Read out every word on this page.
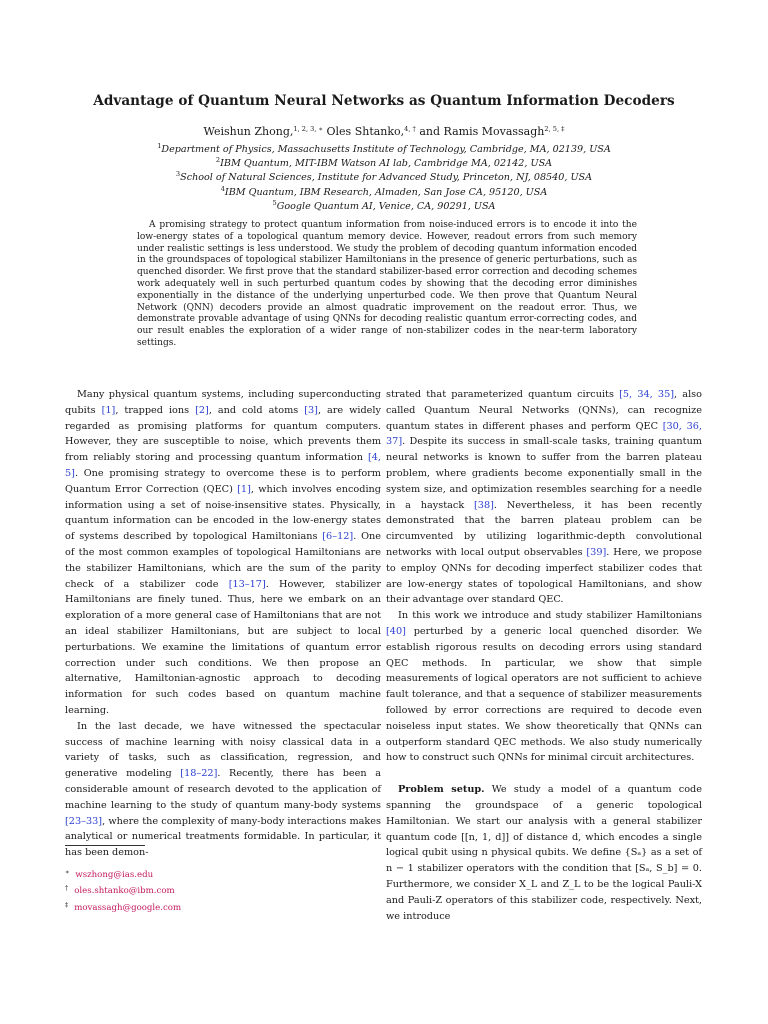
Advantage of Quantum Neural Networks as Quantum Information Decoders
Weishun Zhong,$^{1, 2, 3, ∗}$ Oles Shtanko,$^{4, \dagger}$ and Ramis Movassagh$^{2, 5, \ddagger}$
$^1$Department of Physics, Massachusetts Institute of Technology, Cambridge, MA, 02139, USA
$^2$IBM Quantum, MIT-IBM Watson AI lab, Cambridge MA, 02142, USA
$^3$School of Natural Sciences, Institute for Advanced Study, Princeton, NJ, 08540, USA
$^4$IBM Quantum, IBM Research, Almaden, San Jose CA, 95120, USA
$^5$Google Quantum AI, Venice, CA, 90291, USA
A promising strategy to protect quantum information from noise-induced errors is to encode it into the low-energy states of a topological quantum memory device. However, readout errors from such memory under realistic settings is less understood. We study the problem of decoding quantum information encoded in the groundspaces of topological stabilizer Hamiltonians in the presence of generic perturbations, such as quenched disorder. We first prove that the standard stabilizer-based error correction and decoding schemes work adequately well in such perturbed quantum codes by showing that the decoding error diminishes exponentially in the distance of the underlying unperturbed code. We then prove that Quantum Neural Network (QNN) decoders provide an almost quadratic improvement on the readout error. Thus, we demonstrate provable advantage of using QNNs for decoding realistic quantum error-correcting codes, and our result enables the exploration of a wider range of non-stabilizer codes in the near-term laboratory settings.

Many physical quantum systems, including superconducting qubits [1], trapped ions [2], and cold atoms [3], are widely regarded as promising platforms for quantum computers. However, they are susceptible to noise, which prevents them from reliably storing and processing quantum information [4, 5]. One promising strategy to overcome these is to perform Quantum Error Correction (QEC) [1], which involves encoding information using a set of noise-insensitive states. Physically, quantum information can be encoded in the low-energy states of systems described by topological Hamiltonians [6–12]. One of the most common examples of topological Hamiltonians are the stabilizer Hamiltonians, which are the sum of the parity check of a stabilizer code [13–17]. However, stabilizer Hamiltonians are finely tuned. Thus, here we embark on an exploration of a more general case of Hamiltonians that are not an ideal stabilizer Hamiltonians, but are subject to local perturbations. We examine the limitations of quantum error correction under such conditions. We then propose an alternative, Hamiltonian-agnostic approach to decoding information for such codes based on quantum machine learning.

In the last decade, we have witnessed the spectacular success of machine learning with noisy classical data in a variety of tasks, such as classification, regression, and generative modeling [18–22]. Recently, there has been a considerable amount of research devoted to the application of machine learning to the study of quantum many-body systems [23–33], where the complexity of many-body interactions makes analytical or numerical treatments formidable. In particular, it has been demon-

strated that parameterized quantum circuits [5, 34, 35], also called Quantum Neural Networks (QNNs), can recognize quantum states in different phases and perform QEC [30, 36, 37]. Despite its success in small-scale tasks, training quantum neural networks is known to suffer from the barren plateau problem, where gradients become exponentially small in the system size, and optimization resembles searching for a needle in a haystack [38]. Nevertheless, it has been recently demonstrated that the barren plateau problem can be circumvented by utilizing logarithmic-depth convolutional networks with local output observables [39]. Here, we propose to employ QNNs for decoding imperfect stabilizer codes that are low-energy states of topological Hamiltonians, and show their advantage over standard QEC.

In this work we introduce and study stabilizer Hamiltonians [40] perturbed by a generic local quenched disorder. We establish rigorous results on decoding errors using standard QEC methods. In particular, we show that simple measurements of logical operators are not sufficient to achieve fault tolerance, and that a sequence of stabilizer measurements followed by error corrections are required to decode even noiseless input states. We show theoretically that QNNs can outperform standard QEC methods. We also study numerically how to construct such QNNs for minimal circuit architectures.

Problem setup. We study a model of a quantum code spanning the groundspace of a generic topological Hamiltonian. We start our analysis with a general stabilizer quantum code [[n, 1, d]] of distance d, which encodes a single logical qubit using n physical qubits. We define {Sₐ} as a set of n − 1 stabilizer operators with the condition that [Sₐ, S_b] = 0. Furthermore, we consider X_L and Z_L to be the logical Pauli-X and Pauli-Z operators of this stabilizer code, respectively. Next, we introduce

∗ wszhong@ias.edu
† oles.shtanko@ibm.com
‡ movassagh@google.com
